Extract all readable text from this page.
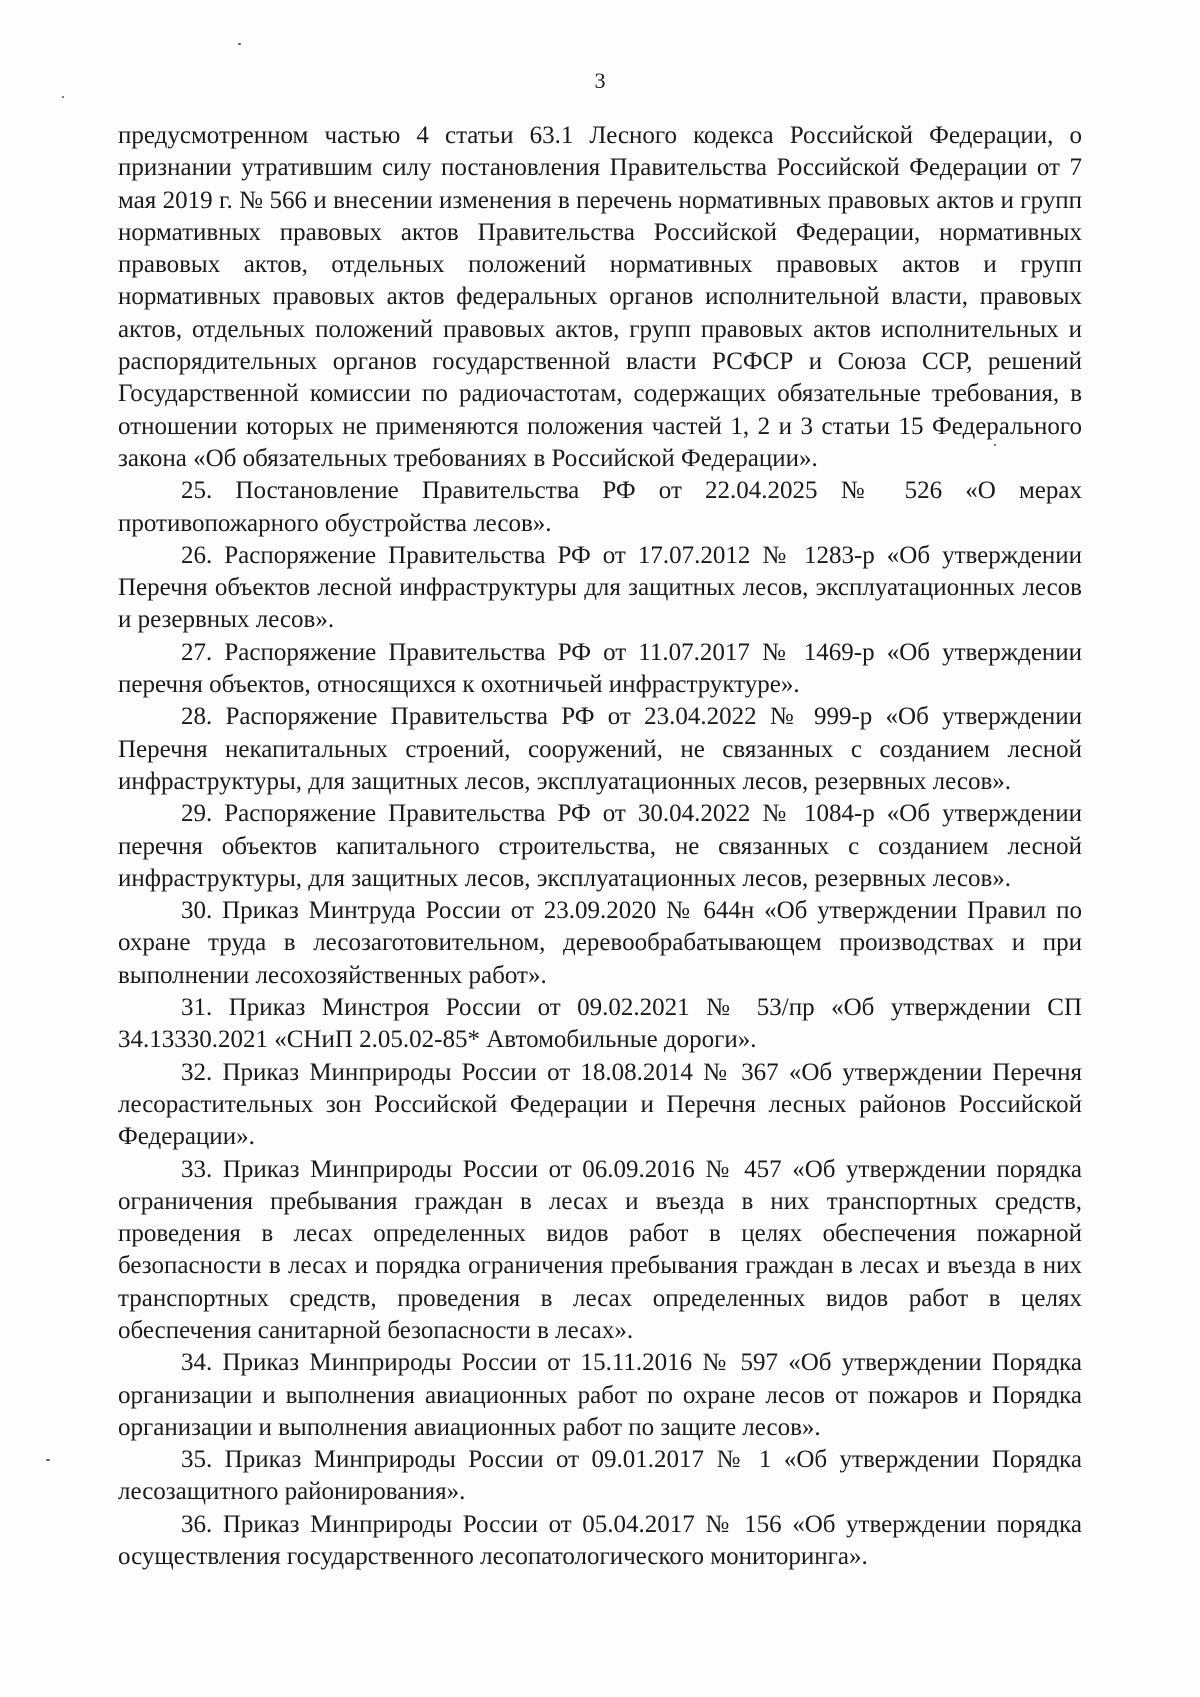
3

предусмотренном частью 4 статьи 63.1 Лесного кодекса Российской Федерации, о признании утратившим силу постановления Правительства Российской Федерации от 7 мая 2019 г. № 566 и внесении изменения в перечень нормативных правовых актов и групп нормативных правовых актов Правительства Российской Федерации, нормативных правовых актов, отдельных положений нормативных правовых актов и групп нормативных правовых актов федеральных органов исполнительной власти, правовых актов, отдельных положений правовых актов, групп правовых актов исполнительных и распорядительных органов государственной власти РСФСР и Союза ССР, решений Государственной комиссии по радиочастотам, содержащих обязательные требования, в отношении которых не применяются положения частей 1, 2 и 3 статьи 15 Федерального закона «Об обязательных требованиях в Российской Федерации».

25. Постановление Правительства РФ от 22.04.2025 № 526 «О мерах противопожарного обустройства лесов».

26. Распоряжение Правительства РФ от 17.07.2012 № 1283-р «Об утверждении Перечня объектов лесной инфраструктуры для защитных лесов, эксплуатационных лесов и резервных лесов».

27. Распоряжение Правительства РФ от 11.07.2017 № 1469-р «Об утверждении перечня объектов, относящихся к охотничьей инфраструктуре».

28. Распоряжение Правительства РФ от 23.04.2022 № 999-р «Об утверждении Перечня некапитальных строений, сооружений, не связанных с созданием лесной инфраструктуры, для защитных лесов, эксплуатационных лесов, резервных лесов».

29. Распоряжение Правительства РФ от 30.04.2022 № 1084-р «Об утверждении перечня объектов капитального строительства, не связанных с созданием лесной инфраструктуры, для защитных лесов, эксплуатационных лесов, резервных лесов».

30. Приказ Минтруда России от 23.09.2020 № 644н «Об утверждении Правил по охране труда в лесозаготовительном, деревообрабатывающем производствах и при выполнении лесохозяйственных работ».

31. Приказ Минстроя России от 09.02.2021 № 53/пр «Об утверждении СП 34.13330.2021 «СНиП 2.05.02-85* Автомобильные дороги».

32. Приказ Минприроды России от 18.08.2014 № 367 «Об утверждении Перечня лесорастительных зон Российской Федерации и Перечня лесных районов Российской Федерации».

33. Приказ Минприроды России от 06.09.2016 № 457 «Об утверждении порядка ограничения пребывания граждан в лесах и въезда в них транспортных средств, проведения в лесах определенных видов работ в целях обеспечения пожарной безопасности в лесах и порядка ограничения пребывания граждан в лесах и въезда в них транспортных средств, проведения в лесах определенных видов работ в целях обеспечения санитарной безопасности в лесах».

34. Приказ Минприроды России от 15.11.2016 № 597 «Об утверждении Порядка организации и выполнения авиационных работ по охране лесов от пожаров и Порядка организации и выполнения авиационных работ по защите лесов».

35. Приказ Минприроды России от 09.01.2017 № 1 «Об утверждении Порядка лесозащитного районирования».

36. Приказ Минприроды России от 05.04.2017 № 156 «Об утверждении порядка осуществления государственного лесопатологического мониторинга».
